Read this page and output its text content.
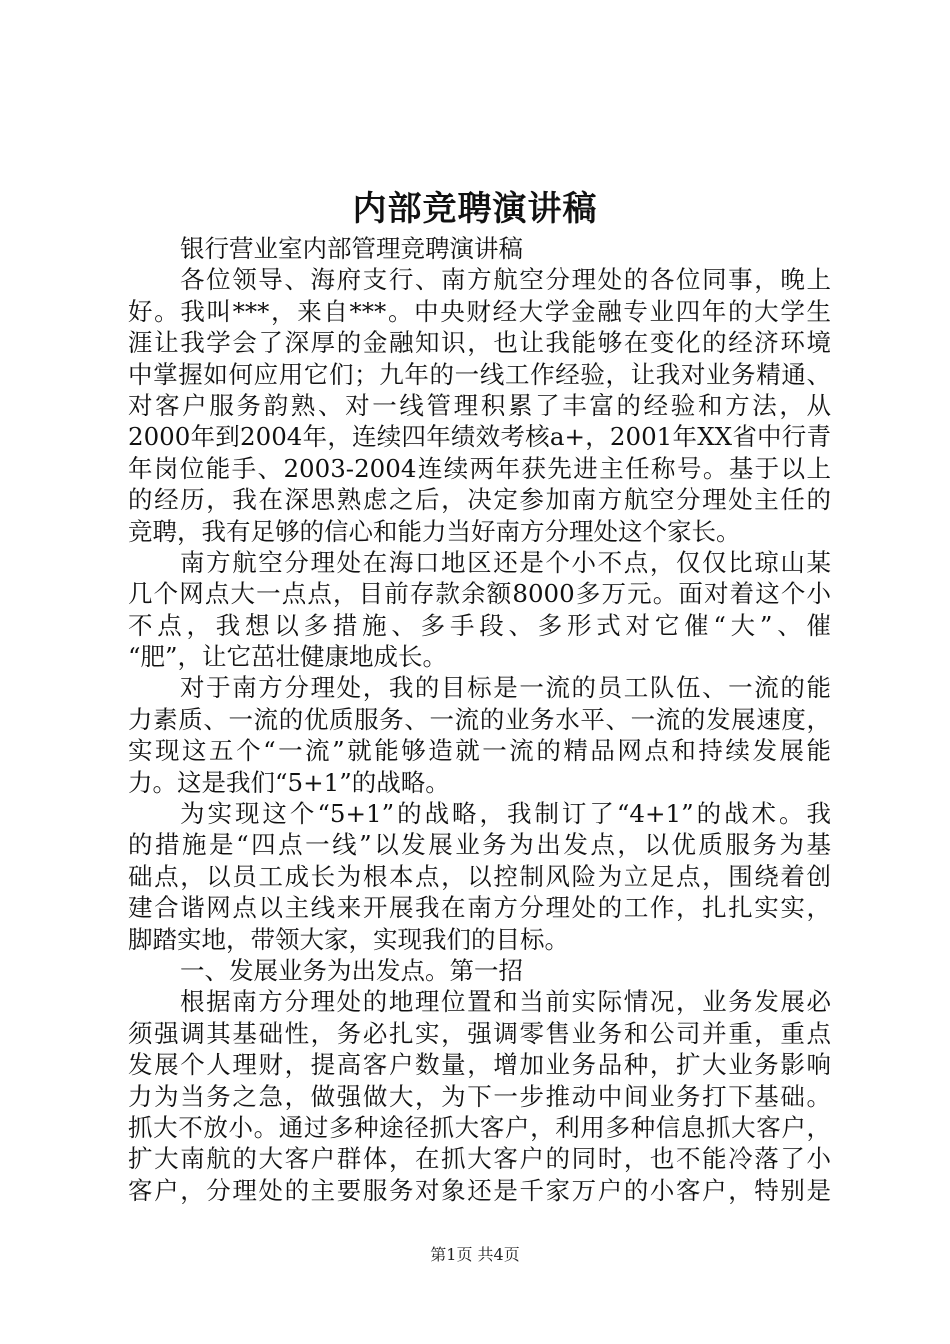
内部竞聘演讲稿
银行营业室内部管理竞聘演讲稿
各位领导、海府支行、南方航空分理处的各位同事，晚上
好。我叫***，来自***。中央财经大学金融专业四年的大学生
涯让我学会了深厚的金融知识，也让我能够在变化的经济环境
中掌握如何应用它们；九年的一线工作经验，让我对业务精通、
对客户服务韵熟、对一线管理积累了丰富的经验和方法，从
2000年到2004年，连续四年绩效考核a+，2001年XX省中行青
年岗位能手、2003-2004连续两年获先进主任称号。基于以上
的经历，我在深思熟虑之后，决定参加南方航空分理处主任的
竞聘，我有足够的信心和能力当好南方分理处这个家长。
南方航空分理处在海口地区还是个小不点，仅仅比琼山某
几个网点大一点点，目前存款余额8000多万元。面对着这个小
不点，我想以多措施、多手段、多形式对它催“大”、催
“肥”，让它茁壮健康地成长。
对于南方分理处，我的目标是一流的员工队伍、一流的能
力素质、一流的优质服务、一流的业务水平、一流的发展速度，
实现这五个“一流”就能够造就一流的精品网点和持续发展能
力。这是我们“5+1”的战略。
为实现这个“5+1”的战略，我制订了“4+1”的战术。我
的措施是“四点一线”以发展业务为出发点，以优质服务为基
础点，以员工成长为根本点，以控制风险为立足点，围绕着创
建合谐网点以主线来开展我在南方分理处的工作，扎扎实实，
脚踏实地，带领大家，实现我们的目标。
一、发展业务为出发点。第一招
根据南方分理处的地理位置和当前实际情况，业务发展必
须强调其基础性，务必扎实，强调零售业务和公司并重，重点
发展个人理财，提高客户数量，增加业务品种，扩大业务影响
力为当务之急，做强做大，为下一步推动中间业务打下基础。
抓大不放小。通过多种途径抓大客户，利用多种信息抓大客户，
扩大南航的大客户群体，在抓大客户的同时，也不能冷落了小
客户，分理处的主要服务对象还是千家万户的小客户，特别是
第1页 共4页
